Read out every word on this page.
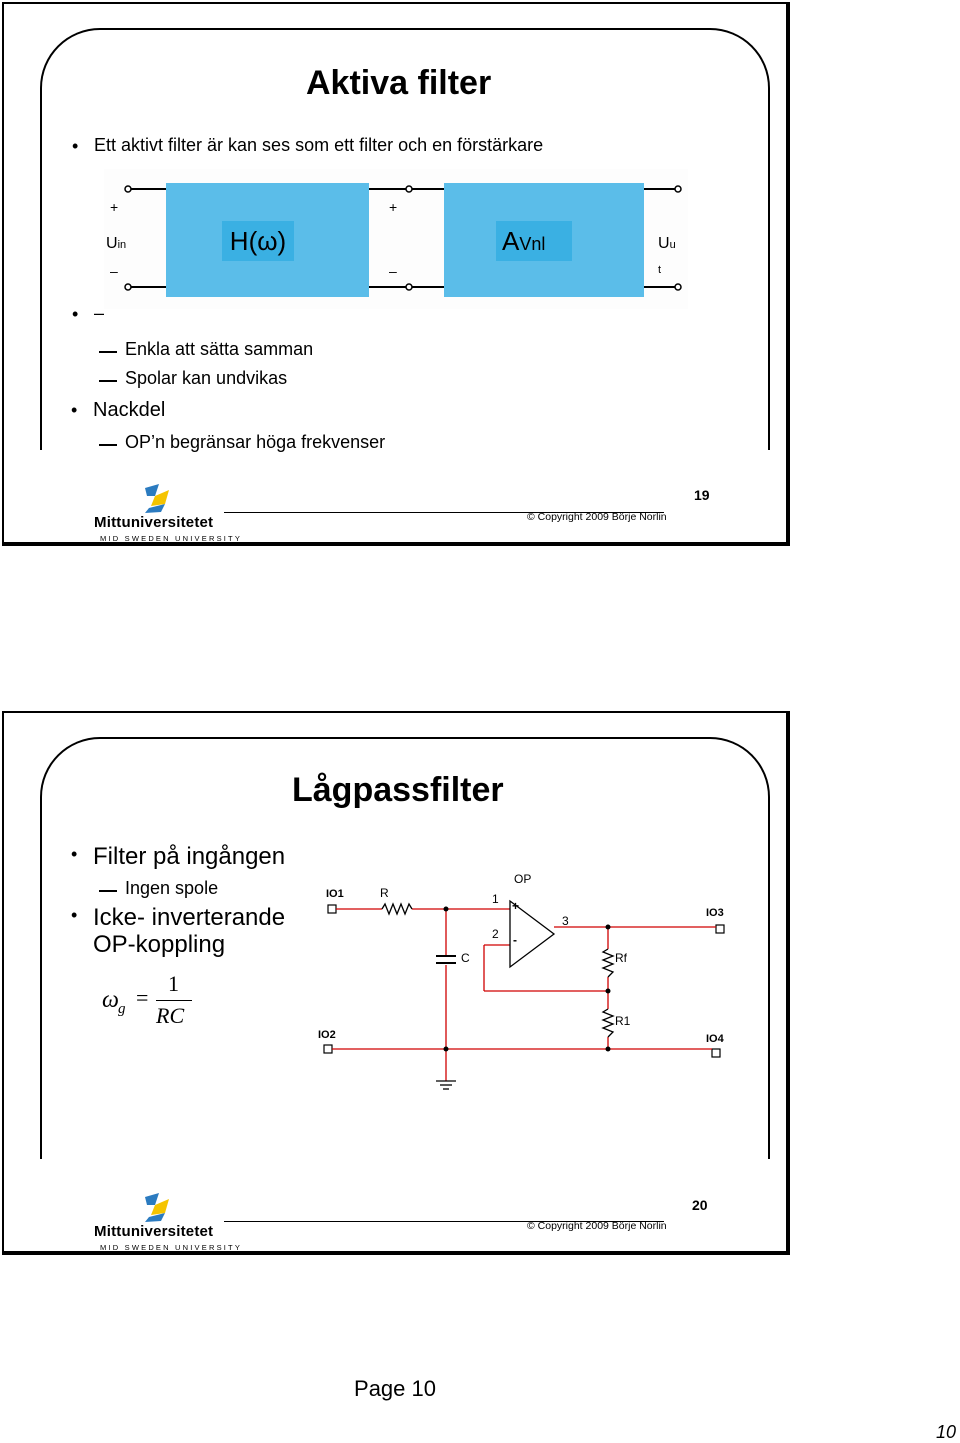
Aktiva filter
• Ett aktivt filter är kan ses som ett filter och en förstärkare
H(ω)	AVnl
+
–
Uin
+
–
Uu
t
• –
Enkla att sätta samman
Spolar kan undvikas
• Nackdel
OP’n begränsar höga frekvenser
Mittuniversitetet
MID SWEDEN UNIVERSITY
© Copyright 2009 Börje Norlin
19
Lågpassfilter
• Filter på ingången
Ingen spole
• Icke- inverterande
OP-koppling
ω g =
1
RC
IO1
IO2
IO3
IO4
R
C
OP
1
2
3
Rf
R1
+
-
Mittuniversitetet
MID SWEDEN UNIVERSITY
© Copyright 2009 Börje Norlin
20
Page 10
10
